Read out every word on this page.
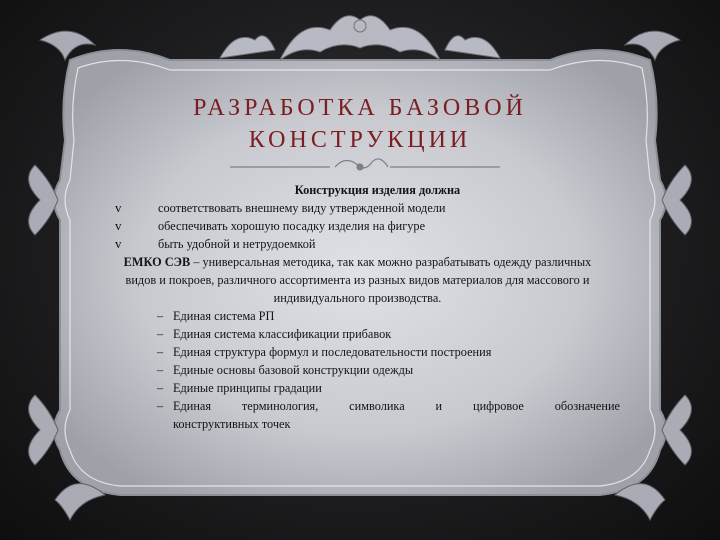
РАЗРАБОТКА БАЗОВОЙ
КОНСТРУКЦИИ
Конструкция изделия должна
v	соответствовать внешнему виду утвержденной модели
v	обеспечивать хорошую посадку изделия на фигуре
v	быть удобной и нетрудоемкой
ЕМКО СЭВ – универсальная методика, так как можно разрабатывать одежду различных видов и покроев, различного ассортимента из разных видов материалов для массового и индивидуального производства.
– Единая система РП
– Единая система классификации прибавок
– Единая структура формул и последовательности построения
– Единые основы базовой конструкции одежды
– Единые принципы градации
– Единая терминология, символика и цифровое обозначение
конструктивных точек
